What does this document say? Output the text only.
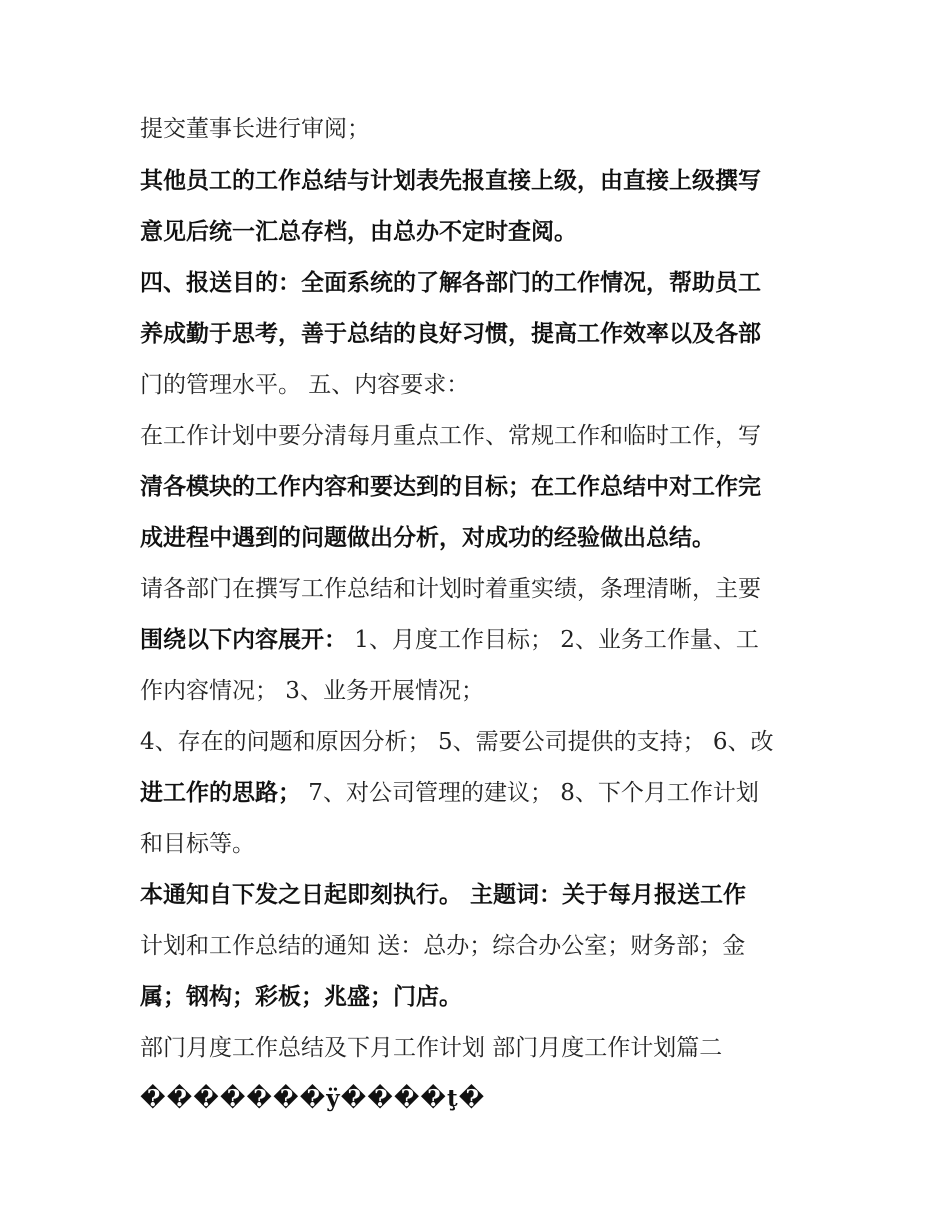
提交董事长进行审阅；
其他员工的工作总结与计划表先报直接上级，由直接上级撰写
意见后统一汇总存档，由总办不定时查阅。
四、报送目的：全面系统的了解各部门的工作情况，帮助员工
养成勤于思考，善于总结的良好习惯，提高工作效率以及各部
门的管理水平。 五、内容要求：
在工作计划中要分清每月重点工作、常规工作和临时工作，写
清各模块的工作内容和要达到的目标；在工作总结中对工作完
成进程中遇到的问题做出分析，对成功的经验做出总结。
请各部门在撰写工作总结和计划时着重实绩，条理清晰，主要
围绕以下内容展开： 1、月度工作目标； 2、业务工作量、工
作内容情况； 3、业务开展情况；
4、存在的问题和原因分析； 5、需要公司提供的支持； 6、改
进工作的思路； 7、对公司管理的建议； 8、下个月工作计划
和目标等。
本通知自下发之日起即刻执行。 主题词：关于每月报送工作
计划和工作总结的通知 送：总办；综合办公室；财务部；金
属；钢构；彩板；兆盛；门店。
部门月度工作总结及下月工作计划 部门月度工作计划篇二
�������ÿ����ţ�
